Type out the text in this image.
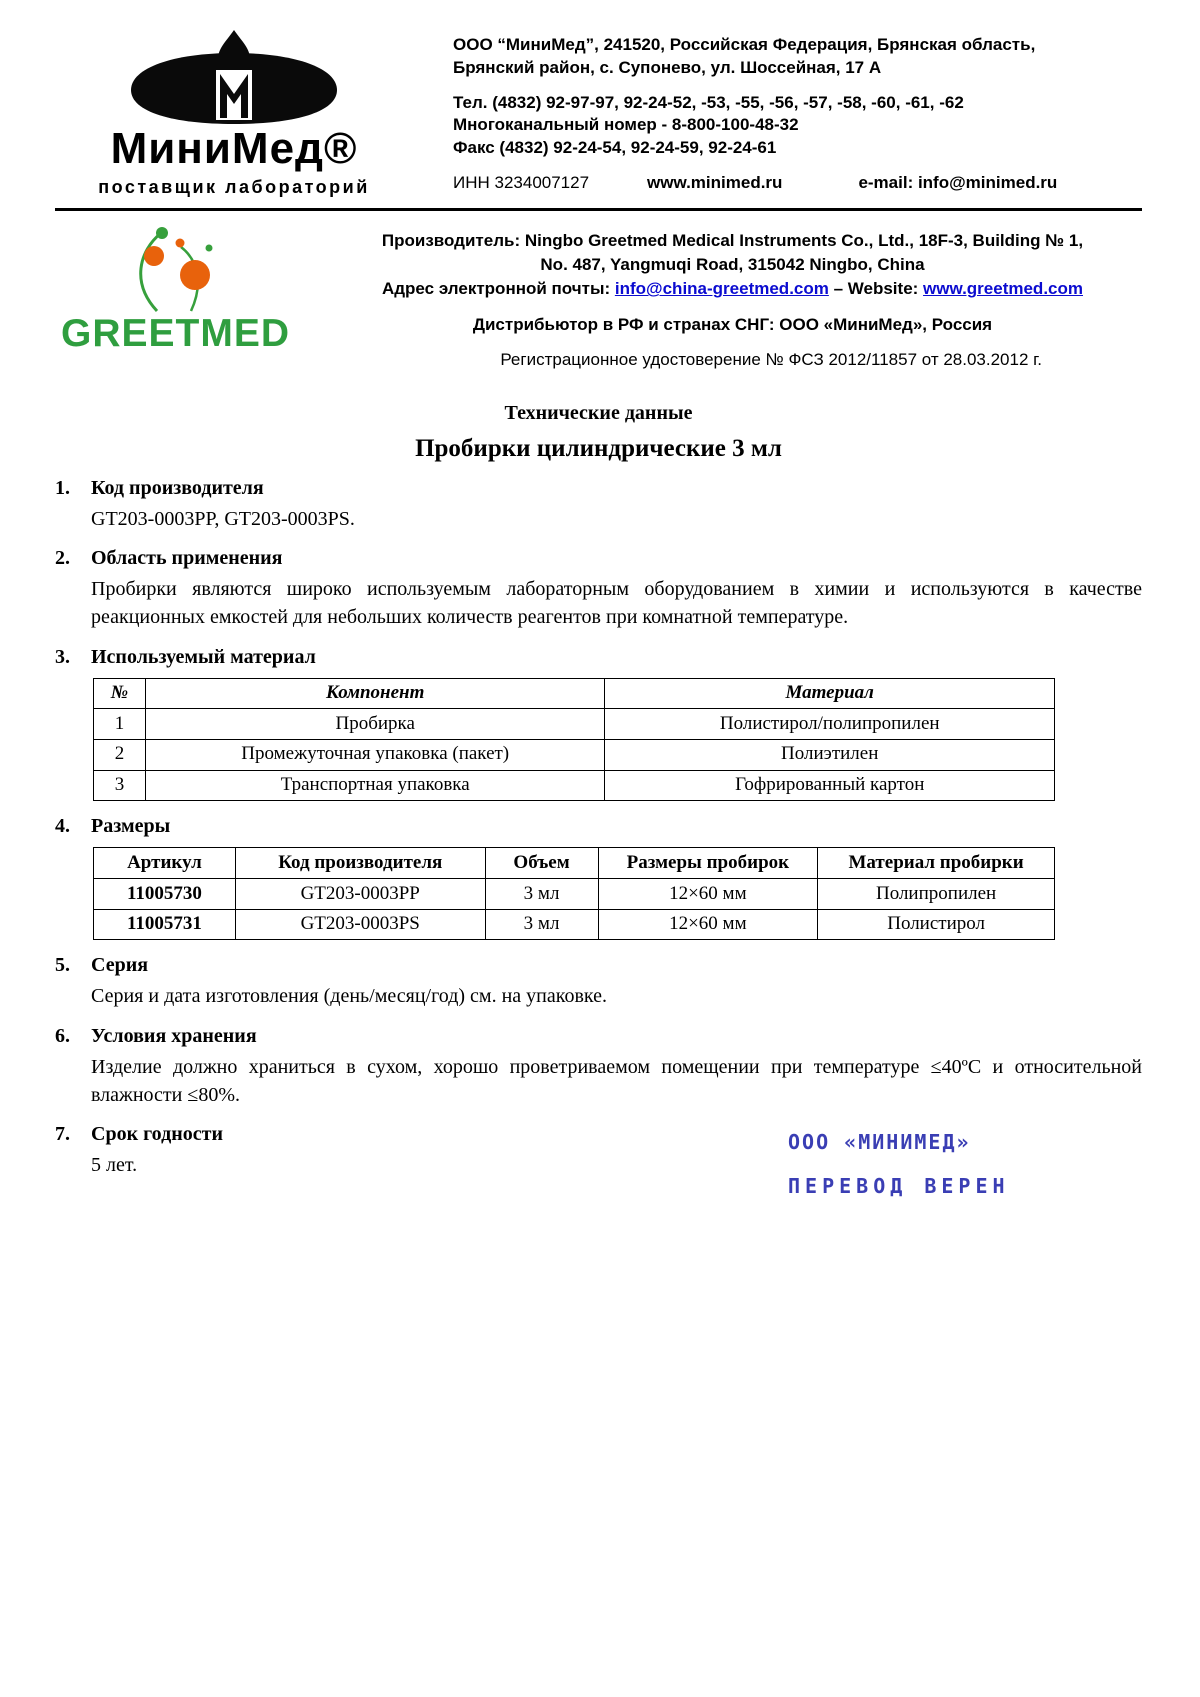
МиниМед®
поставщик лабораторий
ООО “МиниМед”, 241520, Российская Федерация, Брянская область,
Брянский район, с. Супонево, ул. Шоссейная, 17 А
Тел. (4832) 92-97-97, 92-24-52, -53, -55, -56, -57, -58, -60, -61, -62
Многоканальный номер - 8-800-100-48-32
Факс (4832) 92-24-54, 92-24-59, 92-24-61
ИНН 3234007127	www.minimed.ru	e-mail: info@minimed.ru
GREETMED
Производитель: Ningbo Greetmed Medical Instruments Co., Ltd., 18F-3, Building № 1,
No. 487, Yangmuqi Road, 315042 Ningbo, China
Адрес электронной почты: info@china-greetmed.com – Website: www.greetmed.com
Дистрибьютор в РФ и странах СНГ: ООО «МиниМед», Россия
Регистрационное удостоверение № ФСЗ 2012/11857 от 28.03.2012 г.
Технические данные
Пробирки цилиндрические 3 мл
1.	Код производителя

GT203-0003PP, GT203-0003PS.

2.	Область применения

Пробирки являются широко используемым лабораторным оборудованием в химии и используются в качестве реакционных емкостей для небольших количеств реагентов при комнатной температуре.

3.	Используемый материал
№	Компонент	Материал
1	Пробирка	Полистирол/полипропилен
2	Промежуточная упаковка (пакет)	Полиэтилен
3	Транспортная упаковка	Гофрированный картон
4.	Размеры
Артикул	Код производителя	Объем	Размеры пробирок	Материал пробирки
11005730	GT203-0003PP	3 мл	12×60 мм	Полипропилен
11005731	GT203-0003PS	3 мл	12×60 мм	Полистирол
5.	Серия

Серия и дата изготовления (день/месяц/год) см. на упаковке.

6.	Условия хранения

Изделие должно храниться в сухом, хорошо проветриваемом помещении при температуре ≤40ºС и относительной влажности ≤80%.

7.	Срок годности

5 лет.

ООО «МИНИМЕД»
ПЕРЕВОД ВЕРЕН
